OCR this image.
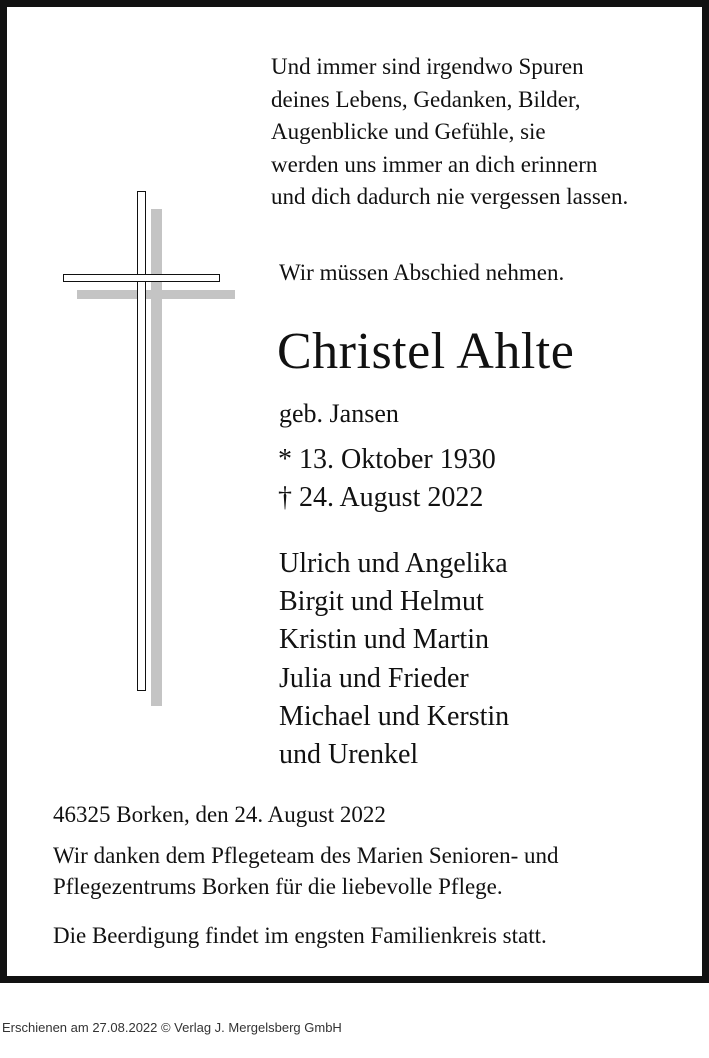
Und immer sind irgendwo Spuren
deines Lebens, Gedanken, Bilder,
Augenblicke und Gefühle, sie
werden uns immer an dich erinnern
und dich dadurch nie vergessen lassen.
Wir müssen Abschied nehmen.
Christel Ahlte
geb. Jansen
* 13. Oktober 1930
† 24. August 2022
Ulrich und Angelika
Birgit und Helmut
Kristin und Martin
Julia und Frieder
Michael und Kerstin
und Urenkel
46325 Borken, den 24. August 2022
Wir danken dem Pflegeteam des Marien Senioren- und
Pflegezentrums Borken für die liebevolle Pflege.
Die Beerdigung findet im engsten Familienkreis statt.
Erschienen am 27.08.2022 © Verlag J. Mergelsberg GmbH
